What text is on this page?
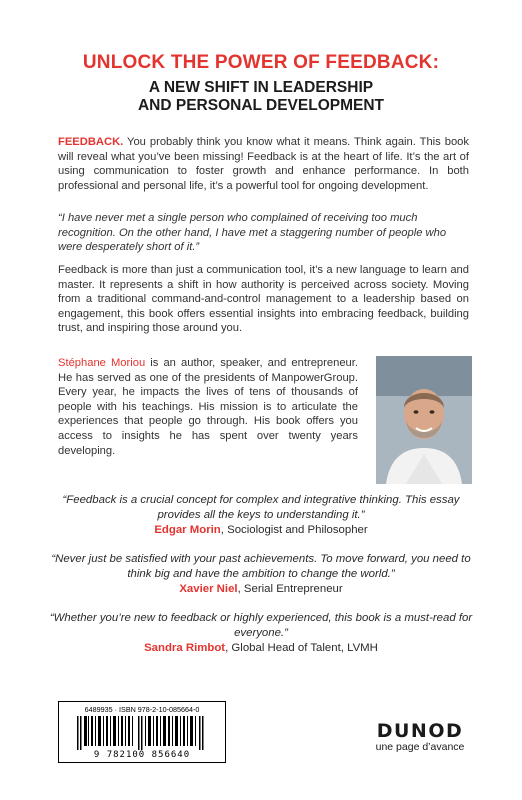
UNLOCK THE POWER OF FEEDBACK:
A NEW SHIFT IN LEADERSHIP
AND PERSONAL DEVELOPMENT
FEEDBACK. You probably think you know what it means. Think again. This book will reveal what you’ve been missing! Feedback is at the heart of life. It’s the art of using communication to foster growth and enhance performance. In both professional and personal life, it’s a powerful tool for ongoing development.
“I have never met a single person who complained of receiving too much recognition. On the other hand, I have met a staggering number of people who were desperately short of it.”
Feedback is more than just a communication tool, it’s a new language to learn and master. It represents a shift in how authority is perceived across society. Moving from a traditional command-and-control management to a leadership based on engagement, this book offers essential insights into embracing feedback, building trust, and inspiring those around you.
Stéphane Moriou is an author, speaker, and entrepreneur. He has served as one of the presidents of ManpowerGroup. Every year, he impacts the lives of tens of thousands of people with his teachings. His mission is to articulate the experiences that people go through. His book offers you access to insights he has spent over twenty years developing.
“Feedback is a crucial concept for complex and integrative thinking. This essay provides all the keys to understanding it.”
Edgar Morin, Sociologist and Philosopher
“Never just be satisfied with your past achievements. To move forward, you need to think big and have the ambition to change the world.”
Xavier Niel, Serial Entrepreneur
“Whether you’re new to feedback or highly experienced, this book is a must-read for everyone.”
Sandra Rimbot, Global Head of Talent, LVMH
6489935 · ISBN 978-2-10-085664-0
9 782100 856640
DUNOD
une page d’avance
